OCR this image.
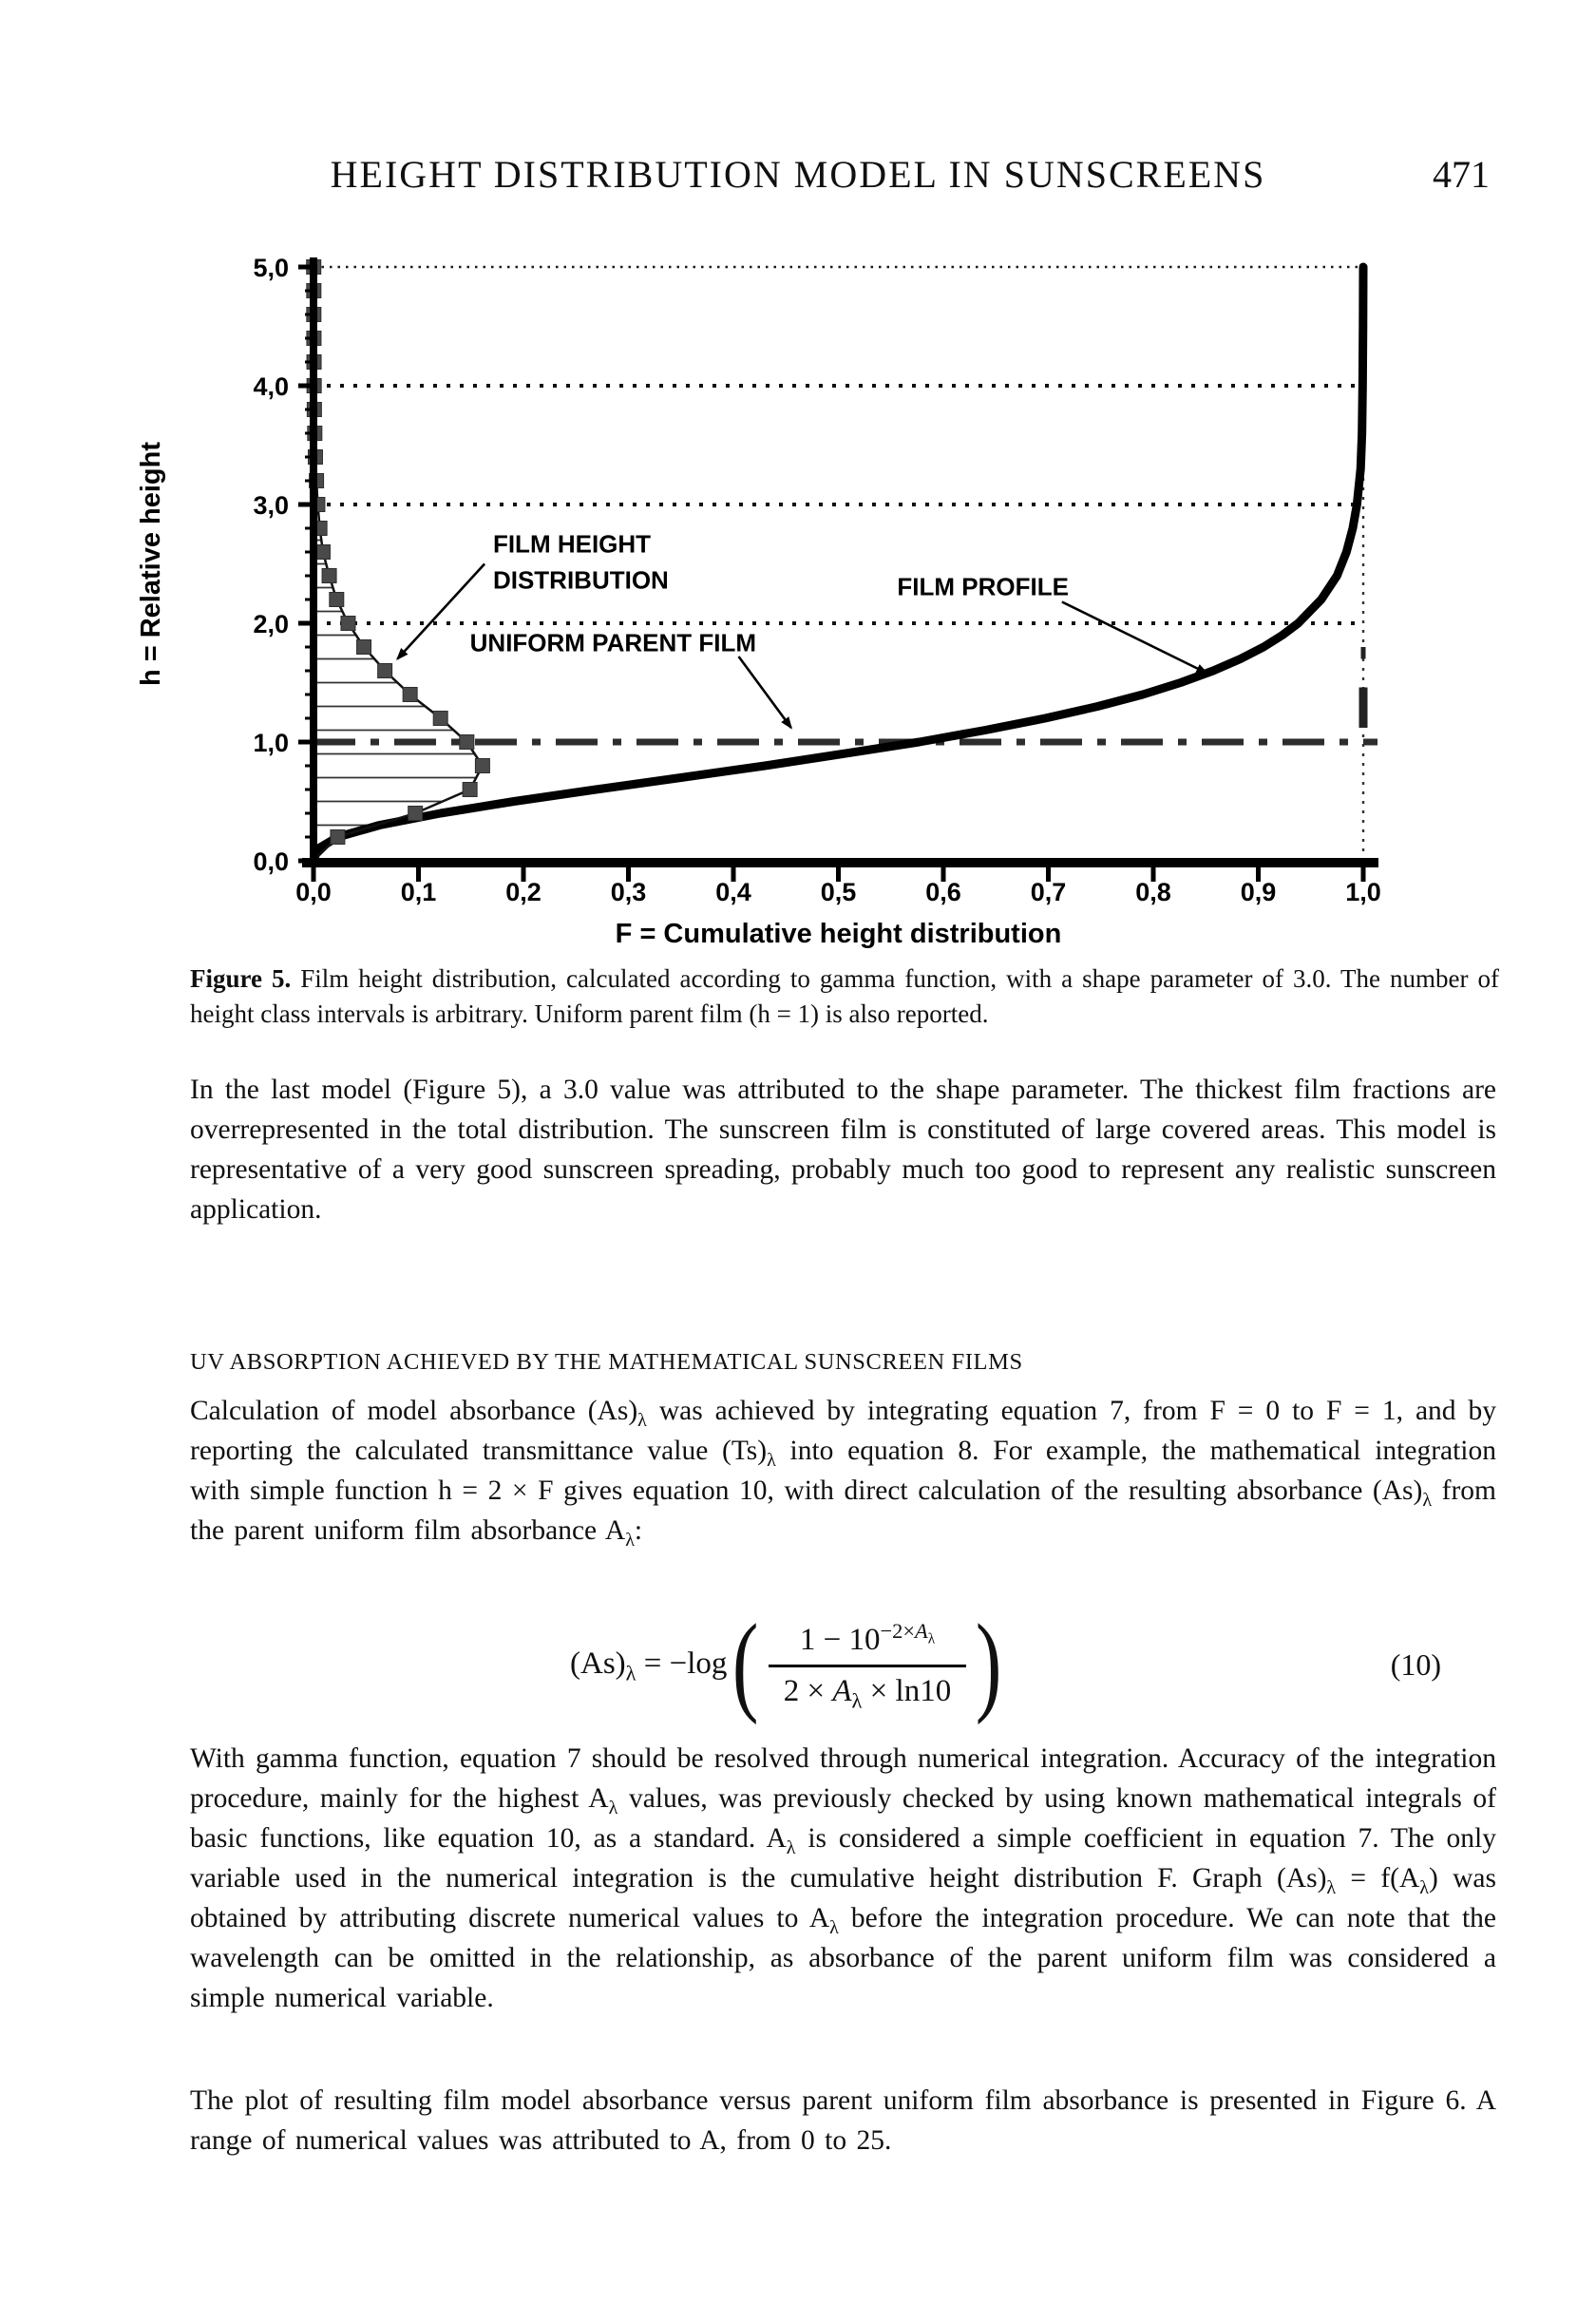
HEIGHT DISTRIBUTION MODEL IN SUNSCREENS	471
0,0
1,0
2,0
3,0
4,0
5,0
0,0	0,1	0,2	0,3	0,4	0,5	0,6	0,7	0,8	0,9	1,0
F = Cumulative height distribution
h = Relative height	FILM HEIGHT
DISTRIBUTION
UNIFORM PARENT FILM
FILM PROFILE
Figure 5. Film height distribution, calculated according to gamma function, with a shape parameter of 3.0. The number of height class intervals is arbitrary. Uniform parent film (h = 1) is also reported.
In the last model (Figure 5), a 3.0 value was attributed to the shape parameter. The thickest film fractions are overrepresented in the total distribution. The sunscreen film is constituted of large covered areas. This model is representative of a very good sunscreen spreading, probably much too good to represent any realistic sunscreen application.
UV ABSORPTION ACHIEVED BY THE MATHEMATICAL SUNSCREEN FILMS
Calculation of model absorbance $(As)_\lambda$ was achieved by integrating equation 7, from F = 0 to F = 1, and by reporting the calculated transmittance value $(Ts)_\lambda$ into equation 8. For example, the mathematical integration with simple function h = 2 × F gives equation 10, with direct calculation of the resulting absorbance $(As)_\lambda$ from the parent uniform film absorbance $A_\lambda$:
$(As)_\lambda = -\log$ ( $\frac{1 - 10^{-2\times A_\lambda}}{2 \times A_\lambda \times \ln 10}$ )	(10)
With gamma function, equation 7 should be resolved through numerical integration. Accuracy of the integration procedure, mainly for the highest $A_\lambda$ values, was previously checked by using known mathematical integrals of basic functions, like equation 10, as a standard. $A_\lambda$ is considered a simple coefficient in equation 7. The only variable used in the numerical integration is the cumulative height distribution F. Graph $(As)_\lambda = f(A_\lambda)$ was obtained by attributing discrete numerical values to $A_\lambda$ before the integration procedure. We can note that the wavelength can be omitted in the relationship, as absorbance of the parent uniform film was considered a simple numerical variable.
The plot of resulting film model absorbance versus parent uniform film absorbance is presented in Figure 6. A range of numerical values was attributed to A, from 0 to 25.
